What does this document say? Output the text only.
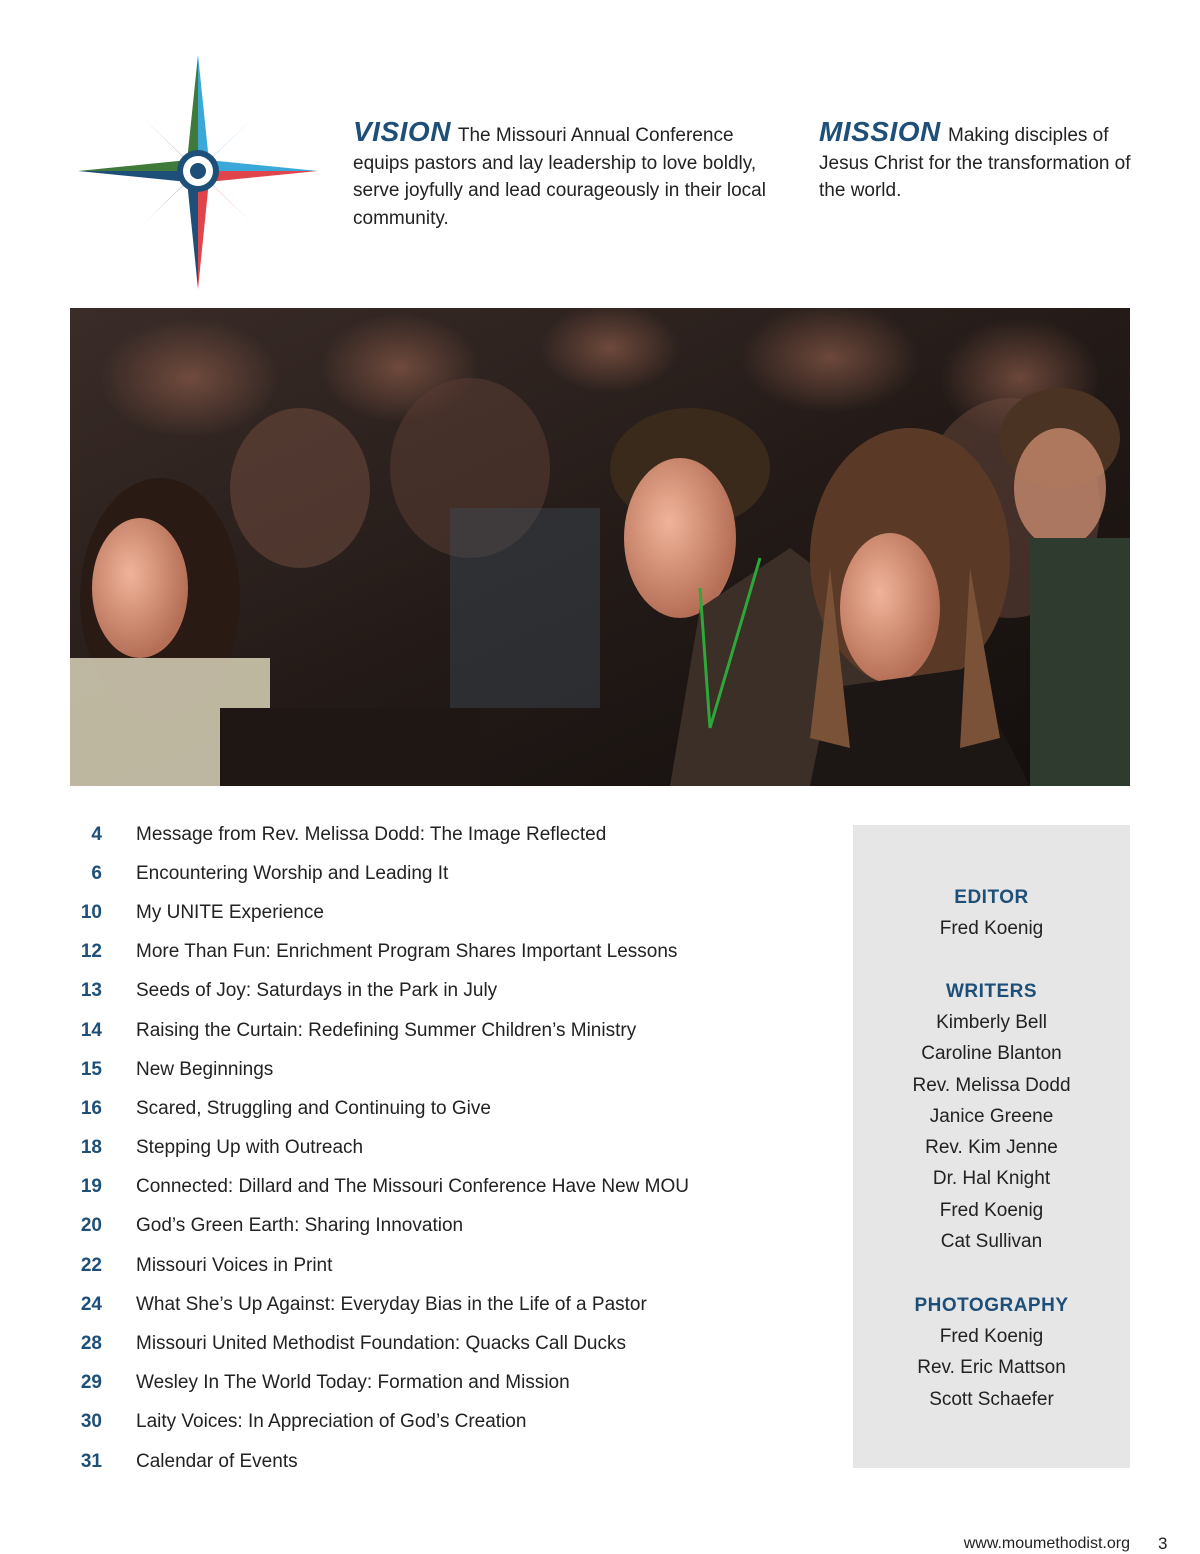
VISION The Missouri Annual Conference equips pastors and lay leadership to love boldly, serve joyfully and lead courageously in their local community.
MISSION Making disciples of Jesus Christ for the transformation of the world.
4 Message from Rev. Melissa Dodd: The Image Reflected
6 Encountering Worship and Leading It
10 My UNITE Experience
12 More Than Fun: Enrichment Program Shares Important Lessons
13 Seeds of Joy: Saturdays in the Park in July
14 Raising the Curtain: Redefining Summer Children’s Ministry
15 New Beginnings
16 Scared, Struggling and Continuing to Give
18 Stepping Up with Outreach
19 Connected: Dillard and The Missouri Conference Have New MOU
20 God’s Green Earth: Sharing Innovation
22 Missouri Voices in Print
24 What She’s Up Against: Everyday Bias in the Life of a Pastor
28 Missouri United Methodist Foundation: Quacks Call Ducks
29 Wesley In The World Today: Formation and Mission
30 Laity Voices: In Appreciation of God’s Creation
31 Calendar of Events
EDITOR
Fred Koenig
WRITERS
Kimberly Bell
Caroline Blanton
Rev. Melissa Dodd
Janice Greene
Rev. Kim Jenne
Dr. Hal Knight
Fred Koenig
Cat Sullivan
PHOTOGRAPHY
Fred Koenig
Rev. Eric Mattson
Scott Schaefer
www.moumethodist.org 3
